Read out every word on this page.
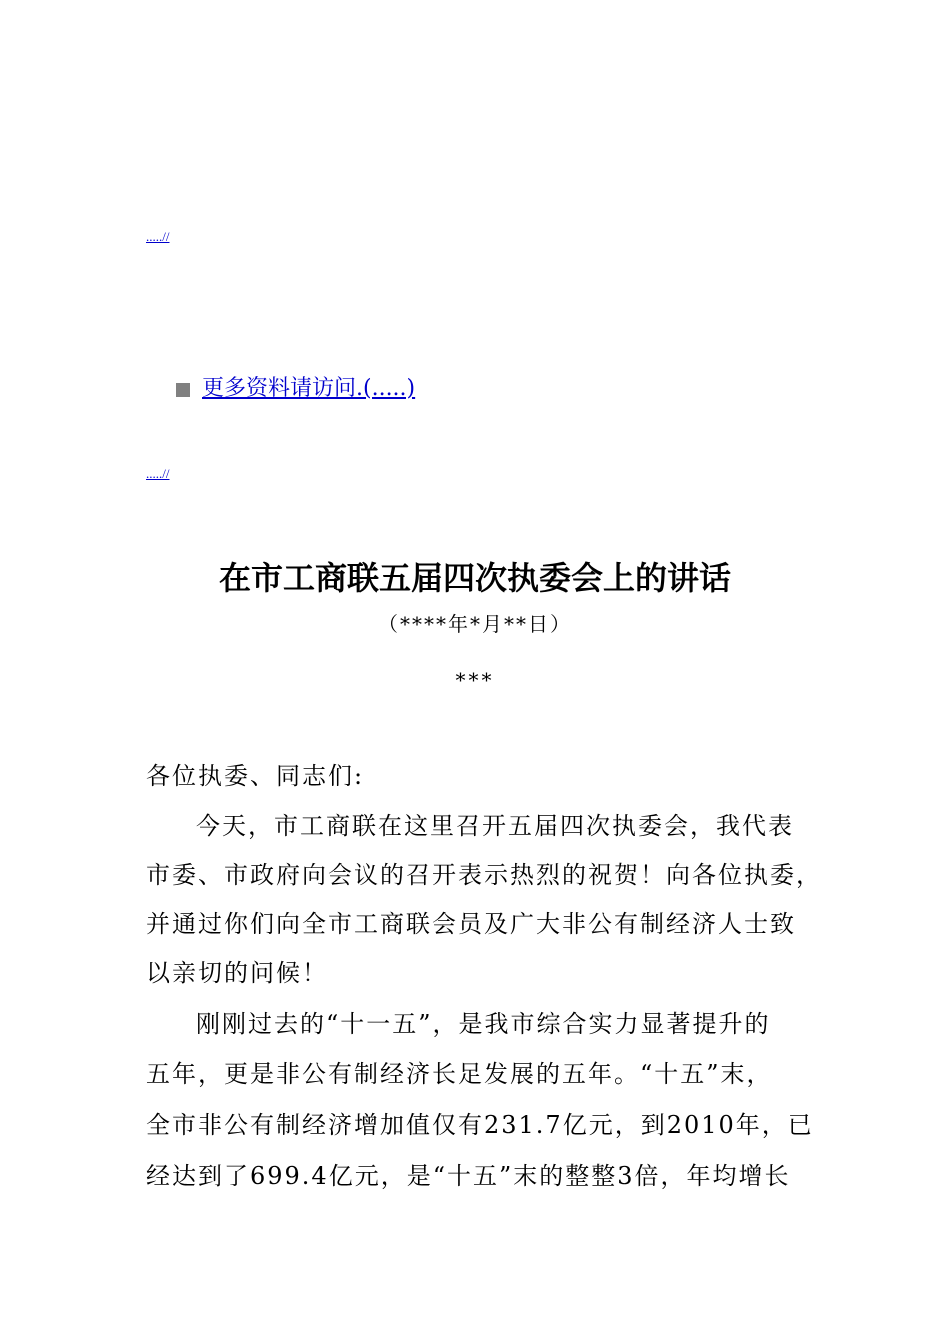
.....//
更多资料请访问.(.....)
.....//
在市工商联五届四次执委会上的讲话
（****年*月**日）
***
各位执委、同志们:
今天，市工商联在这里召开五届四次执委会，我代表
市委、市政府向会议的召开表示热烈的祝贺！向各位执委，
并通过你们向全市工商联会员及广大非公有制经济人士致
以亲切的问候！
刚刚过去的“十一五”，是我市综合实力显著提升的
五年，更是非公有制经济长足发展的五年。“十五”末，
全市非公有制经济增加值仅有231.7亿元，到2010年，已
经达到了699.4亿元，是“十五”末的整整3倍，年均增长
